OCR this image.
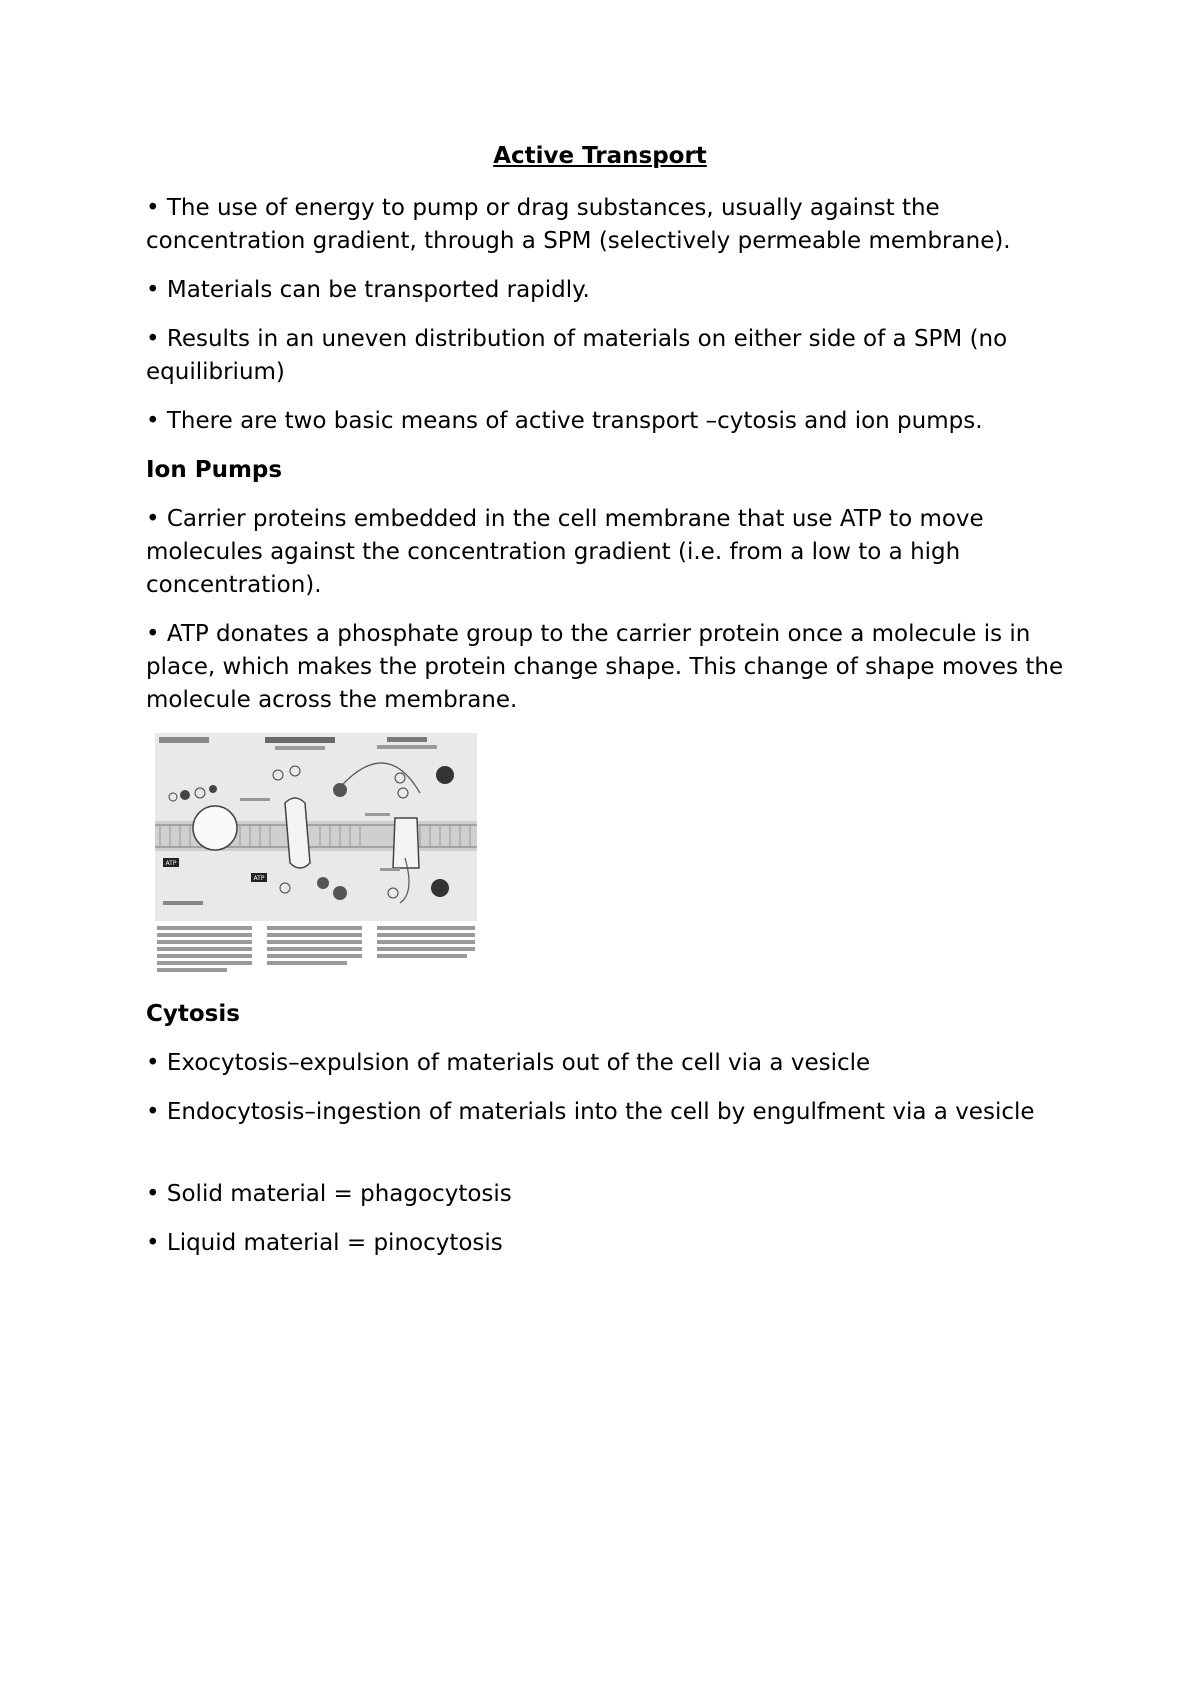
Active Transport

• The use of energy to pump or drag substances, usually against the concentration gradient, through a SPM (selectively permeable membrane).

• Materials can be transported rapidly.

• Results in an uneven distribution of materials on either side of a SPM (no equilibrium)

• There are two basic means of active transport –cytosis and ion pumps.

Ion Pumps

• Carrier proteins embedded in the cell membrane that use ATP to move molecules against the concentration gradient (i.e. from a low to a high concentration).

• ATP donates a phosphate group to the carrier protein once a molecule is in place, which makes the protein change shape. This change of shape moves the molecule across the membrane.

ATP
ATP
Cytosis

• Exocytosis–expulsion of materials out of the cell via a vesicle

• Endocytosis–ingestion of materials into the cell by engulfment via a vesicle

• Solid material = phagocytosis

• Liquid material = pinocytosis
